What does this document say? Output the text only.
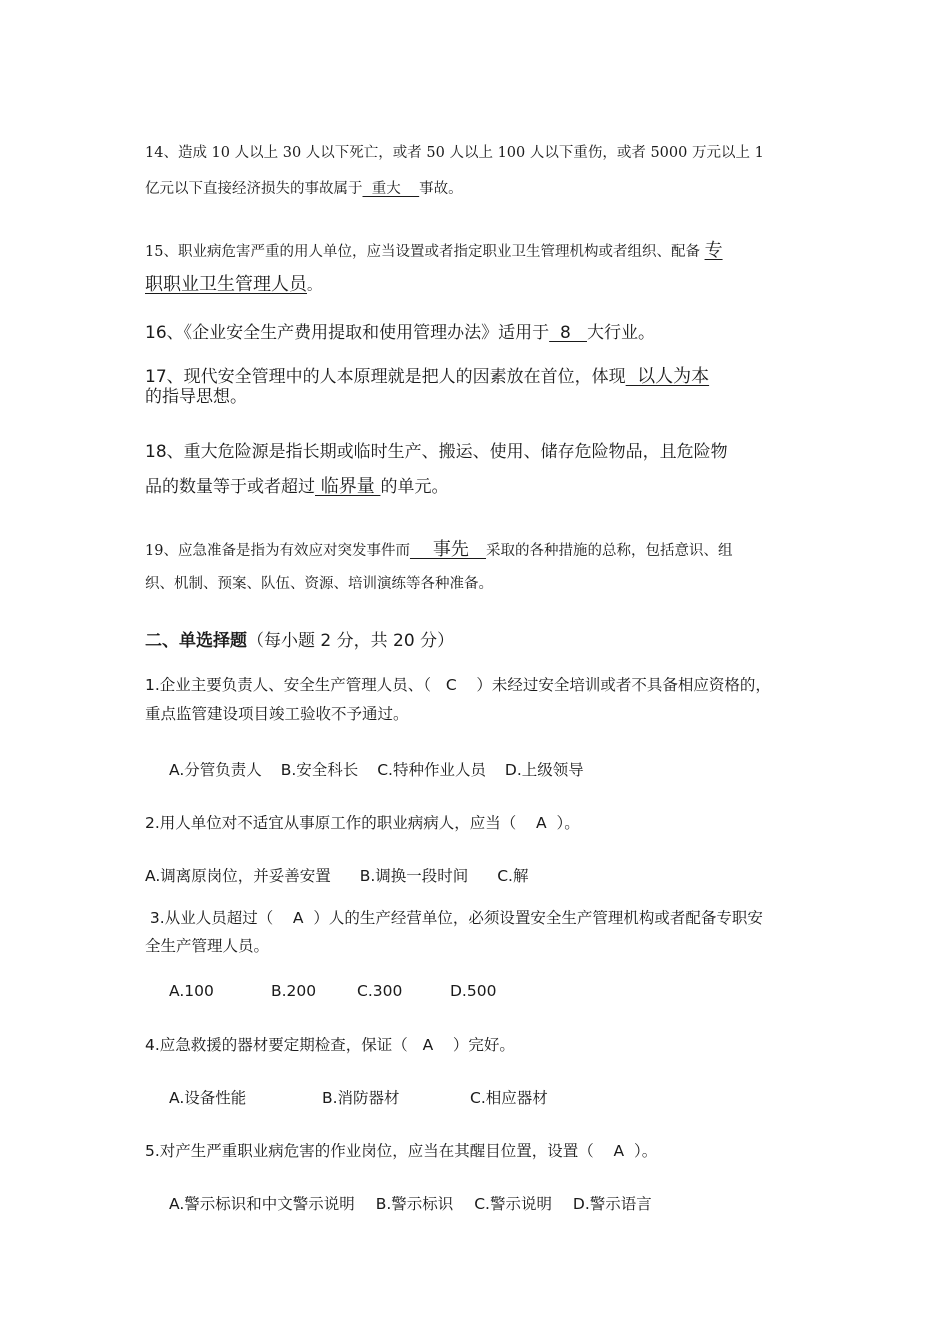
14、造成 10 人以上 30 人以下死亡，或者 50 人以上 100 人以下重伤，或者 5000 万元以上 1
亿元以下直接经济损失的事故属于  重大    事故。
15、职业病危害严重的用人单位，应当设置或者指定职业卫生管理机构或者组织、配备 专
职职业卫生管理人员。
16、《企业安全生产费用提取和使用管理办法》适用于  8   大行业。
17、现代安全管理中的人本原理就是把人的因素放在首位，体现  以人为本
的指导思想。
18、重大危险源是指长期或临时生产、搬运、使用、储存危险物品，且危险物
品的数量等于或者超过 临界量 的单元。
19、应急准备是指为有效应对突发事件而    事先   采取的各种措施的总称，包括意识、组
织、机制、预案、队伍、资源、培训演练等各种准备。
二、单选择题（每小题 2 分，共 20 分）
1.企业主要负责人、安全生产管理人员、（   C    ）未经过安全培训或者不具备相应资格的，
重点监管建设项目竣工验收不予通过。
A.分管负责人 B.安全科长 C.特种作业人员 D.上级领导
2.用人单位对不适宜从事原工作的职业病病人，应当（    A  ）。
A.调离原岗位，并妥善安置 B.调换一段时间 C.解
3.从业人员超过（    A  ）人的生产经营单位，必须设置安全生产管理机构或者配备专职安
全生产管理人员。
A.100	B.200	C.300	D.500
4.应急救援的器材要定期检查，保证（   A    ）完好。
A.设备性能	B.消防器材	C.相应器材
5.对产生严重职业病危害的作业岗位，应当在其醒目位置，设置（    A  ）。
A.警示标识和中文警示说明 B.警示标识 C.警示说明 D.警示语言
